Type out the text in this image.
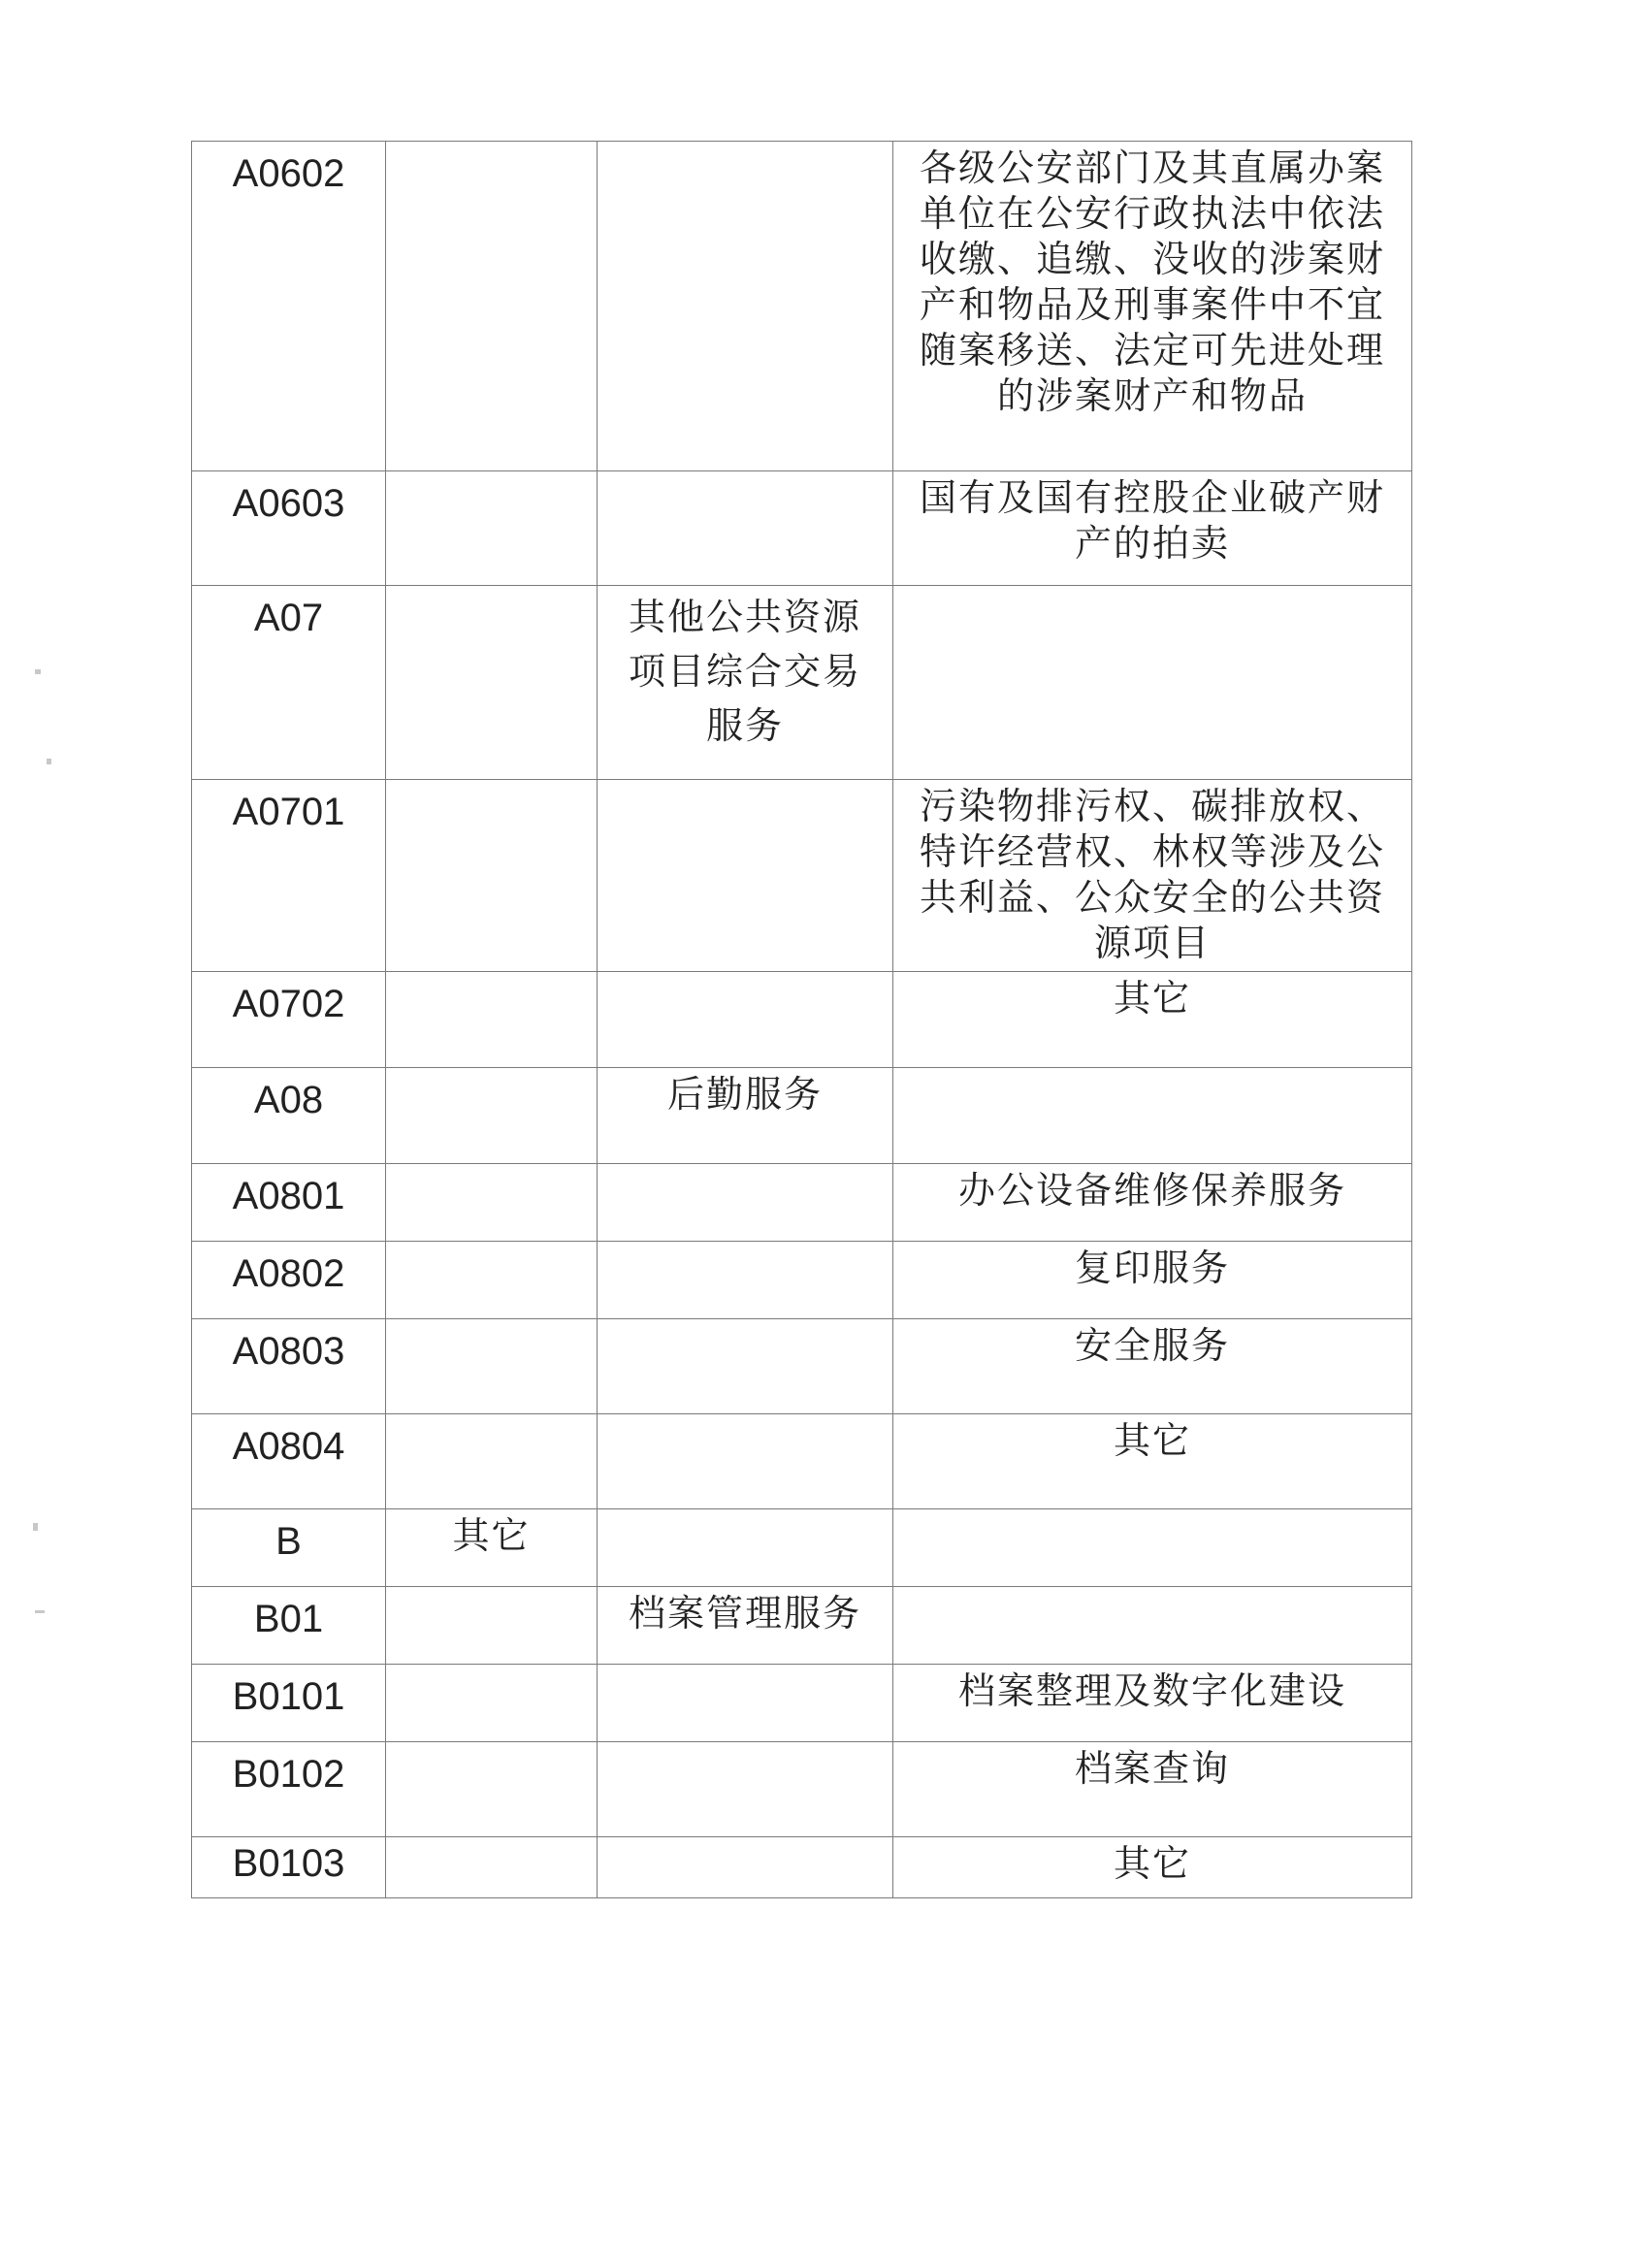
A0602			各级公安部门及其直属办案单位在公安行政执法中依法收缴、追缴、没收的涉案财产和物品及刑事案件中不宜随案移送、法定可先进处理的涉案财产和物品
A0603			国有及国有控股企业破产财产的拍卖
A07		其他公共资源项目综合交易服务	
A0701			污染物排污权、碳排放权、特许经营权、林权等涉及公共利益、公众安全的公共资源项目
A0702			其它
A08		后勤服务	
A0801			办公设备维修保养服务
A0802			复印服务
A0803			安全服务
A0804			其它
B	其它		
B01		档案管理服务	
B0101			档案整理及数字化建设
B0102			档案查询
B0103			其它
